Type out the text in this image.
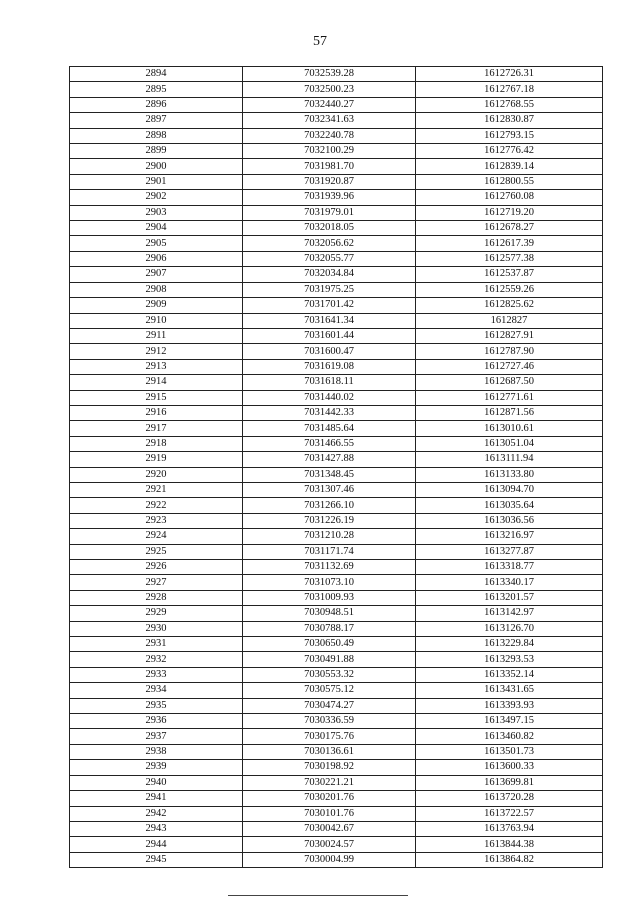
57
2894	7032539.28	1612726.31
2895	7032500.23	1612767.18
2896	7032440.27	1612768.55
2897	7032341.63	1612830.87
2898	7032240.78	1612793.15
2899	7032100.29	1612776.42
2900	7031981.70	1612839.14
2901	7031920.87	1612800.55
2902	7031939.96	1612760.08
2903	7031979.01	1612719.20
2904	7032018.05	1612678.27
2905	7032056.62	1612617.39
2906	7032055.77	1612577.38
2907	7032034.84	1612537.87
2908	7031975.25	1612559.26
2909	7031701.42	1612825.62
2910	7031641.34	1612827
2911	7031601.44	1612827.91
2912	7031600.47	1612787.90
2913	7031619.08	1612727.46
2914	7031618.11	1612687.50
2915	7031440.02	1612771.61
2916	7031442.33	1612871.56
2917	7031485.64	1613010.61
2918	7031466.55	1613051.04
2919	7031427.88	1613111.94
2920	7031348.45	1613133.80
2921	7031307.46	1613094.70
2922	7031266.10	1613035.64
2923	7031226.19	1613036.56
2924	7031210.28	1613216.97
2925	7031171.74	1613277.87
2926	7031132.69	1613318.77
2927	7031073.10	1613340.17
2928	7031009.93	1613201.57
2929	7030948.51	1613142.97
2930	7030788.17	1613126.70
2931	7030650.49	1613229.84
2932	7030491.88	1613293.53
2933	7030553.32	1613352.14
2934	7030575.12	1613431.65
2935	7030474.27	1613393.93
2936	7030336.59	1613497.15
2937	7030175.76	1613460.82
2938	7030136.61	1613501.73
2939	7030198.92	1613600.33
2940	7030221.21	1613699.81
2941	7030201.76	1613720.28
2942	7030101.76	1613722.57
2943	7030042.67	1613763.94
2944	7030024.57	1613844.38
2945	7030004.99	1613864.82
